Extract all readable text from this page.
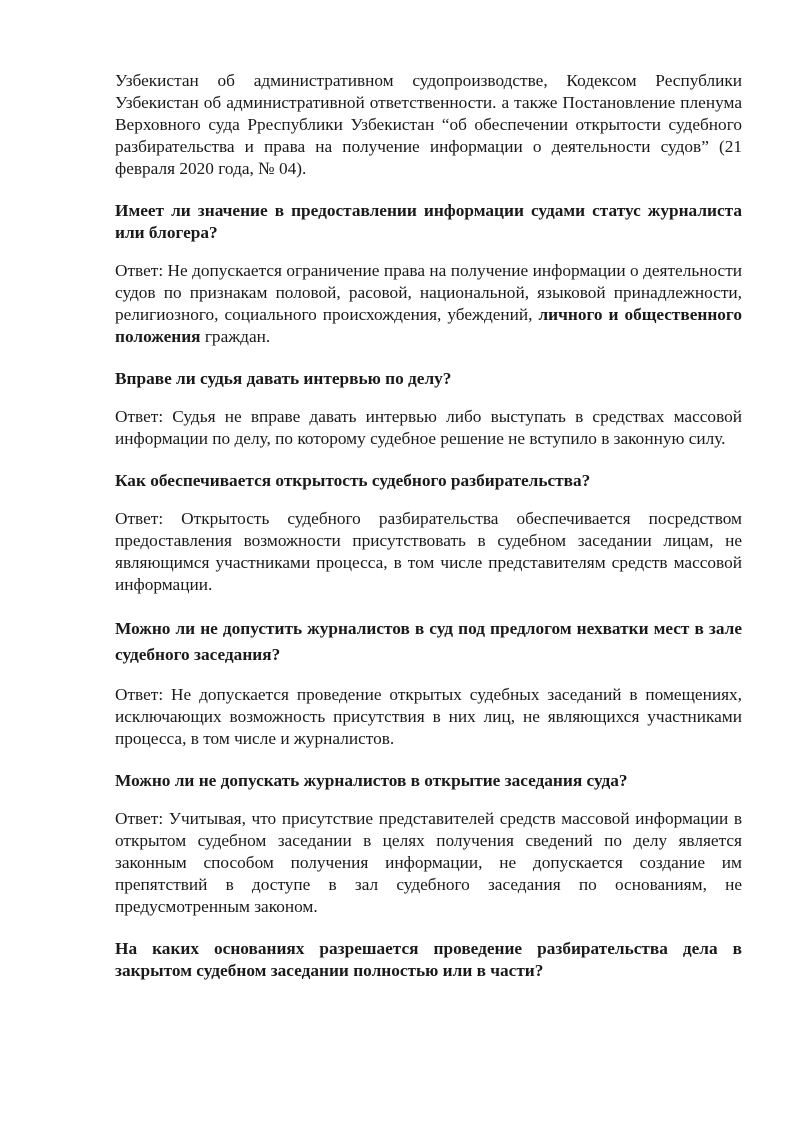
Узбекистан об административном судопроизводстве, Кодексом Республики Узбекистан об административной ответственности. а также Постановление пленума Верховного суда Рреспублики Узбекистан “об обеспечении открытости судебного разбирательства и права на получение информации о деятельности судов” (21 февраля 2020 года, № 04).

Имеет ли значение в предоставлении информации судами статус журналиста или блогера?

Ответ: Не допускается ограничение права на получение информации о деятельности судов по признакам половой, расовой, национальной, языковой принадлежности, религиозного, социального происхождения, убеждений, личного и общественного положения граждан.

Вправе ли судья давать интервью по делу?

Ответ: Судья не вправе давать интервью либо выступать в средствах массовой информации по делу, по которому судебное решение не вступило в законную силу.

Как обеспечивается открытость судебного разбирательства?

Ответ: Открытость судебного разбирательства обеспечивается посредством предоставления возможности присутствовать в судебном заседании лицам, не являющимся участниками процесса, в том числе представителям средств массовой информации.

Можно ли не допустить журналистов в суд под предлогом нехватки мест в зале судебного заседания?

Ответ: Не допускается проведение открытых судебных заседаний в помещениях, исключающих возможность присутствия в них лиц, не являющихся участниками процесса, в том числе и журналистов.

Можно ли не допускать журналистов в открытие заседания суда?

Ответ: Учитывая, что присутствие представителей средств массовой информации в открытом судебном заседании в целях получения сведений по делу является законным способом получения информации, не допускается создание им препятствий в доступе в зал судебного заседания по основаниям, не предусмотренным законом.

На каких основаниях разрешается проведение разбирательства дела в закрытом судебном заседании полностью или в части?
